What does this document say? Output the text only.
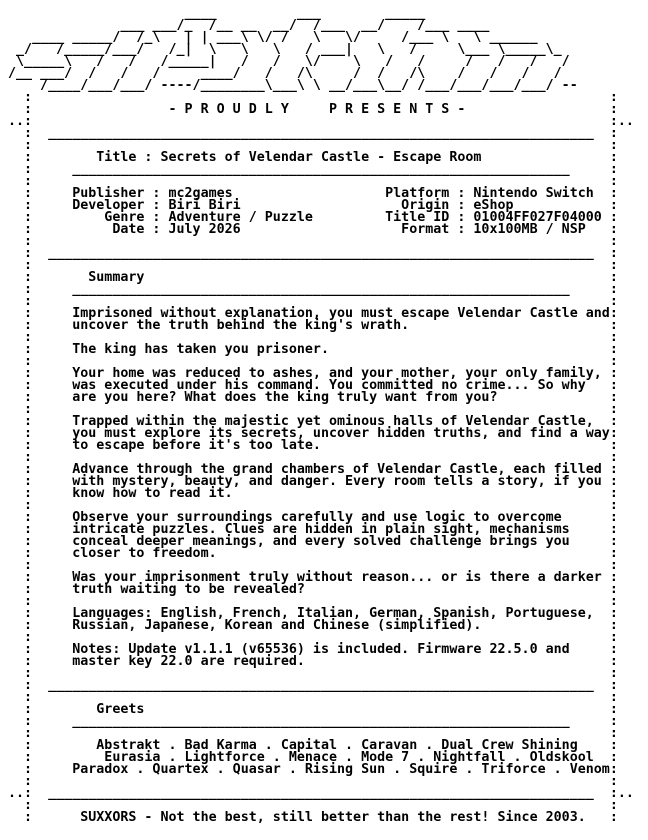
____          ___        _____
___ ___/_  /__ __  __/  /___  __/    /___ ____
____ _____/  /_\   | | ___\ \/ /   \   \/     /___ \   \ ______
_/   /_____/___/   /_|  \   \   \   / ___|   \   /     \___ \_____\_
\_____\   /   /   /_____|   /   /   \/    \   /   /     /   /   /   /
/__ ___/  /   /   /     ____/   /   /\     /  /   /\    /   /   /   /
/____/___/___/ ----/________\___\ \ __/___\__/ /___/___/___/___/ --
:                                                                        :
:                 - P R O U D L Y     P R E S E N T S -                  :
..:                                                                        :..
:  ____________________________________________________________________  :
:                                                                        :
:        Title : Secrets of Velendar Castle - Escape Room                :
:     ______________________________________________________________     :
:                                                                        :
:     Publisher : mc2games                   Platform : Nintendo Switch  :
:     Developer : Biri Biri                    Origin : eShop            :
:         Genre : Adventure / Puzzle         Title ID : 01004FF027F04000 :
:          Date : July 2026                    Format : 10x100MB / NSP   :
:                                                                        :
:  ____________________________________________________________________  :
:                                                                        :
:       Summary                                                          :
:     ______________________________________________________________     :
:                                                                        :
:     Imprisoned without explanation, you must escape Velendar Castle and:
:     uncover the truth behind the king's wrath.                         :
:                                                                        :
:     The king has taken you prisoner.                                   :
:                                                                        :
:     Your home was reduced to ashes, and your mother, your only family, :
:     was executed under his command. You committed no crime... So why   :
:     are you here? What does the king truly want from you?              :
:                                                                        :
:     Trapped within the majestic yet ominous halls of Velendar Castle,  :
:     you must explore its secrets, uncover hidden truths, and find a way:
:     to escape before it's too late.                                    :
:                                                                        :
:     Advance through the grand chambers of Velendar Castle, each filled :
:     with mystery, beauty, and danger. Every room tells a story, if you :
:     know how to read it.                                               :
:                                                                        :
:     Observe your surroundings carefully and use logic to overcome      :
:     intricate puzzles. Clues are hidden in plain sight, mechanisms     :
:     conceal deeper meanings, and every solved challenge brings you     :
:     closer to freedom.                                                 :
:                                                                        :
:     Was your imprisonment truly without reason... or is there a darker :
:     truth waiting to be revealed?                                      :
:                                                                        :
:     Languages: English, French, Italian, German, Spanish, Portuguese,  :
:     Russian, Japanese, Korean and Chinese (simplified).                :
:                                                                        :
:     Notes: Update v1.1.1 (v65536) is included. Firmware 22.5.0 and     :
:     master key 22.0 are required.                                      :
:                                                                        :
:  ____________________________________________________________________  :
:                                                                        :
:        Greets                                                          :
:     ______________________________________________________________     :
:                                                                        :
:        Abstrakt . Bad Karma . Capital . Caravan . Dual Crew Shining    :
:         Eurasia . Lightforce . Menace . Mode 7 . Nightfall . Oldskool  :
:     Paradox . Quartex . Quasar . Rising Sun . Squire . Triforce . Venom:
:                                                                        :
..:  ____________________________________________________________________  :..
:                                                                        :
:      SUXXORS - Not the best, still better than the rest! Since 2003.   :
